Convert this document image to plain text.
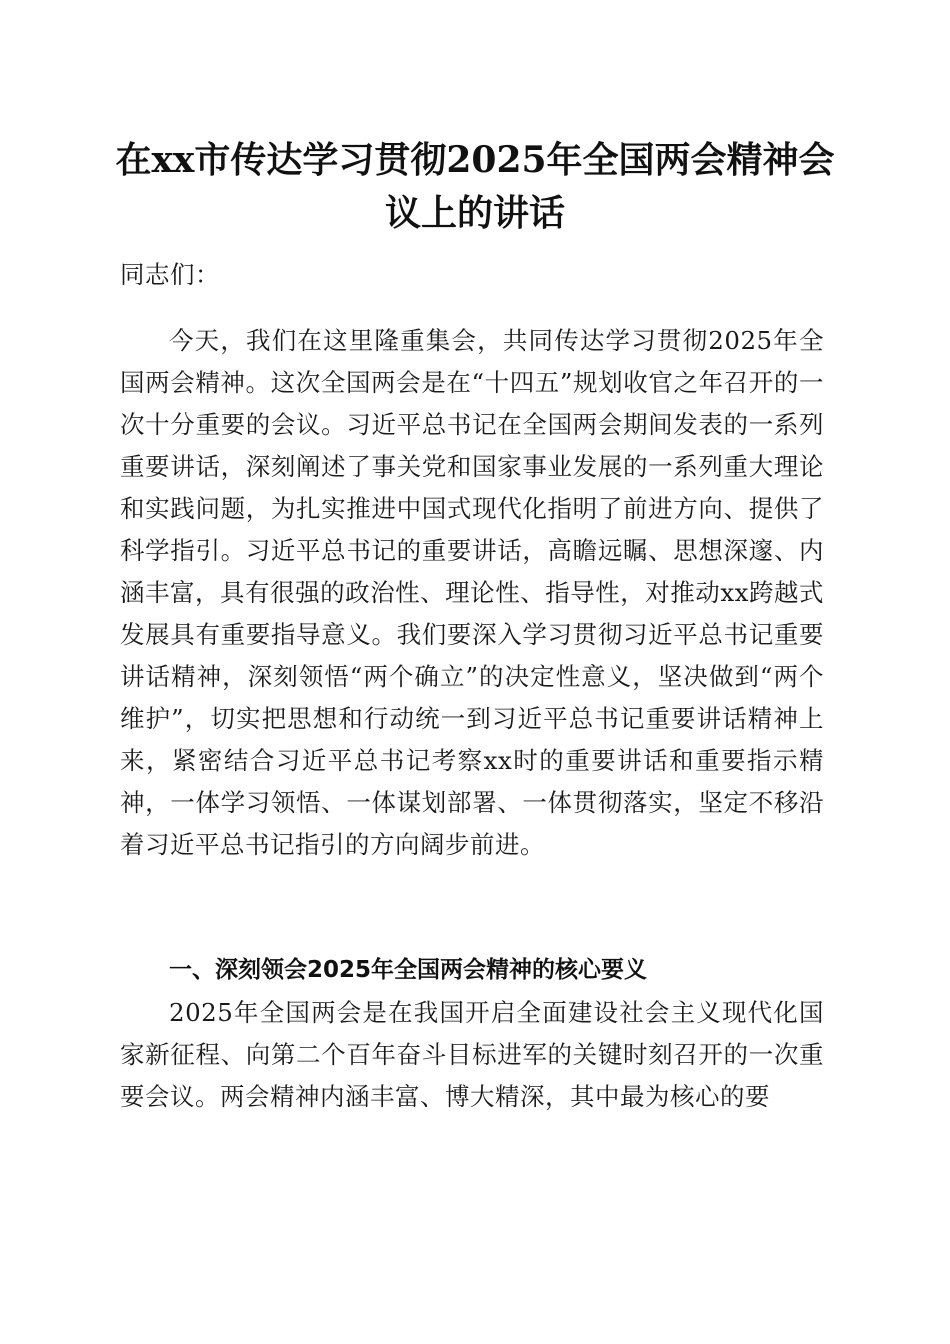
在xx市传达学习贯彻2025年全国两会精神会议上的讲话

同志们：

今天，我们在这里隆重集会，共同传达学习贯彻2025年全国两会精神。这次全国两会是在“十四五”规划收官之年召开的一次十分重要的会议。习近平总书记在全国两会期间发表的一系列重要讲话，深刻阐述了事关党和国家事业发展的一系列重大理论和实践问题，为扎实推进中国式现代化指明了前进方向、提供了科学指引。习近平总书记的重要讲话，高瞻远瞩、思想深邃、内涵丰富，具有很强的政治性、理论性、指导性，对推动xx跨越式发展具有重要指导意义。我们要深入学习贯彻习近平总书记重要讲话精神，深刻领悟“两个确立”的决定性意义，坚决做到“两个维护”，切实把思想和行动统一到习近平总书记重要讲话精神上来，紧密结合习近平总书记考察xx时的重要讲话和重要指示精神，一体学习领悟、一体谋划部署、一体贯彻落实，坚定不移沿着习近平总书记指引的方向阔步前进。

一、深刻领会2025年全国两会精神的核心要义

2025年全国两会是在我国开启全面建设社会主义现代化国家新征程、向第二个百年奋斗目标进军的关键时刻召开的一次重要会议。两会精神内涵丰富、博大精深，其中最为核心的要
